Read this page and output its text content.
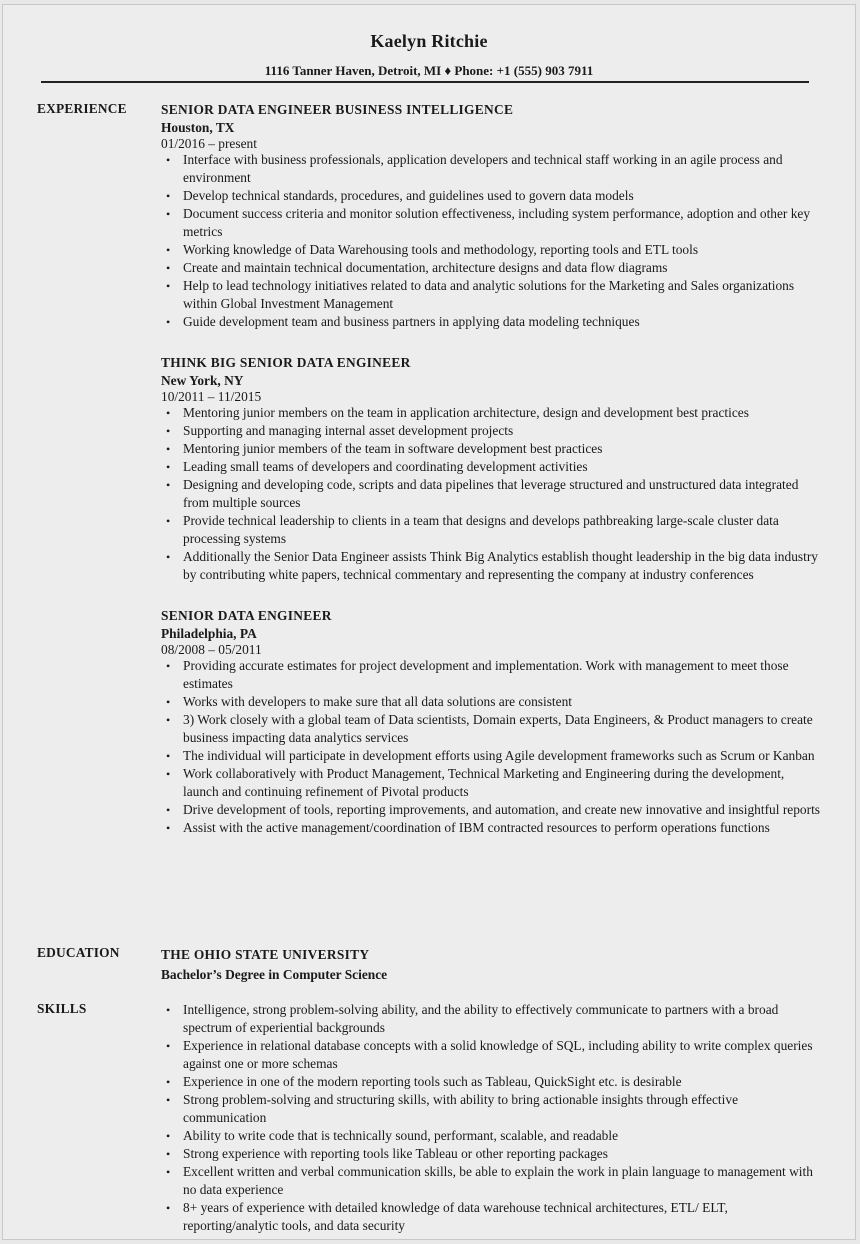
Kaelyn Ritchie
1116 Tanner Haven, Detroit, MI ♦ Phone: +1 (555) 903 7911
EXPERIENCE	SENIOR DATA ENGINEER BUSINESS INTELLIGENCE
Houston, TX
01/2016 – present
• Interface with business professionals, application developers and technical staff working in an agile process and environment
• Develop technical standards, procedures, and guidelines used to govern data models
• Document success criteria and monitor solution effectiveness, including system performance, adoption and other key metrics
• Working knowledge of Data Warehousing tools and methodology, reporting tools and ETL tools
• Create and maintain technical documentation, architecture designs and data flow diagrams
• Help to lead technology initiatives related to data and analytic solutions for the Marketing and Sales organizations within Global Investment Management
• Guide development team and business partners in applying data modeling techniques
THINK BIG SENIOR DATA ENGINEER
New York, NY
10/2011 – 11/2015
• Mentoring junior members on the team in application architecture, design and development best practices
• Supporting and managing internal asset development projects
• Mentoring junior members of the team in software development best practices
• Leading small teams of developers and coordinating development activities
• Designing and developing code, scripts and data pipelines that leverage structured and unstructured data integrated from multiple sources
• Provide technical leadership to clients in a team that designs and develops pathbreaking large-scale cluster data processing systems
• Additionally the Senior Data Engineer assists Think Big Analytics establish thought leadership in the big data industry by contributing white papers, technical commentary and representing the company at industry conferences
SENIOR DATA ENGINEER
Philadelphia, PA
08/2008 – 05/2011
• Providing accurate estimates for project development and implementation. Work with management to meet those estimates
• Works with developers to make sure that all data solutions are consistent
• 3) Work closely with a global team of Data scientists, Domain experts, Data Engineers, & Product managers to create business impacting data analytics services
• The individual will participate in development efforts using Agile development frameworks such as Scrum or Kanban
• Work collaboratively with Product Management, Technical Marketing and Engineering during the development, launch and continuing refinement of Pivotal products
• Drive development of tools, reporting improvements, and automation, and create new innovative and insightful reports
• Assist with the active management/coordination of IBM contracted resources to perform operations functions
EDUCATION	THE OHIO STATE UNIVERSITY
Bachelor’s Degree in Computer Science
SKILLS
•	Intelligence, strong problem-solving ability, and the ability to effectively communicate to partners with a broad spectrum of experiential backgrounds
• Experience in relational database concepts with a solid knowledge of SQL, including ability to write complex queries against one or more schemas
• Experience in one of the modern reporting tools such as Tableau, QuickSight etc. is desirable
• Strong problem-solving and structuring skills, with ability to bring actionable insights through effective communication
• Ability to write code that is technically sound, performant, scalable, and readable
• Strong experience with reporting tools like Tableau or other reporting packages
• Excellent written and verbal communication skills, be able to explain the work in plain language to management with no data experience
• 8+ years of experience with detailed knowledge of data warehouse technical architectures, ETL/ ELT, reporting/analytic tools, and data security
